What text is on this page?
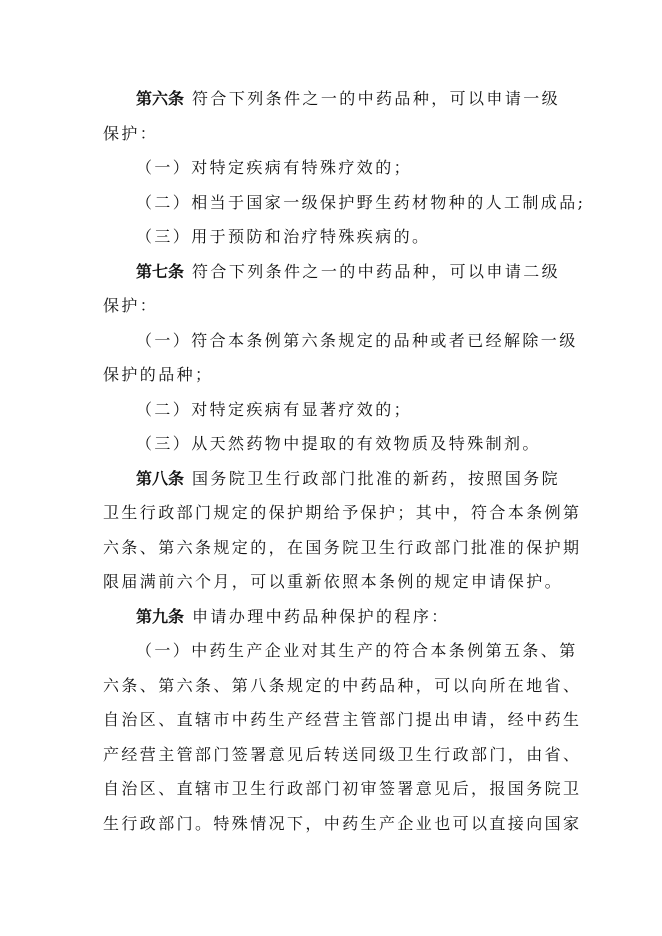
第六条 符合下列条件之一的中药品种，可以申请一级
保护：
（一）对特定疾病有特殊疗效的；
（二）相当于国家一级保护野生药材物种的人工制成品;
（三）用于预防和治疗特殊疾病的。
第七条 符合下列条件之一的中药品种，可以申请二级
保护：
（一）符合本条例第六条规定的品种或者已经解除一级
保护的品种；
（二）对特定疾病有显著疗效的；
（三）从天然药物中提取的有效物质及特殊制剂。
第八条 国务院卫生行政部门批准的新药，按照国务院
卫生行政部门规定的保护期给予保护；其中，符合本条例第
六条、第六条规定的，在国务院卫生行政部门批准的保护期
限届满前六个月，可以重新依照本条例的规定申请保护。
第九条 申请办理中药品种保护的程序：
（一）中药生产企业对其生产的符合本条例第五条、第
六条、第六条、第八条规定的中药品种，可以向所在地省、
自治区、直辖市中药生产经营主管部门提出申请，经中药生
产经营主管部门签署意见后转送同级卫生行政部门，由省、
自治区、直辖市卫生行政部门初审签署意见后，报国务院卫
生行政部门。特殊情况下，中药生产企业也可以直接向国家
